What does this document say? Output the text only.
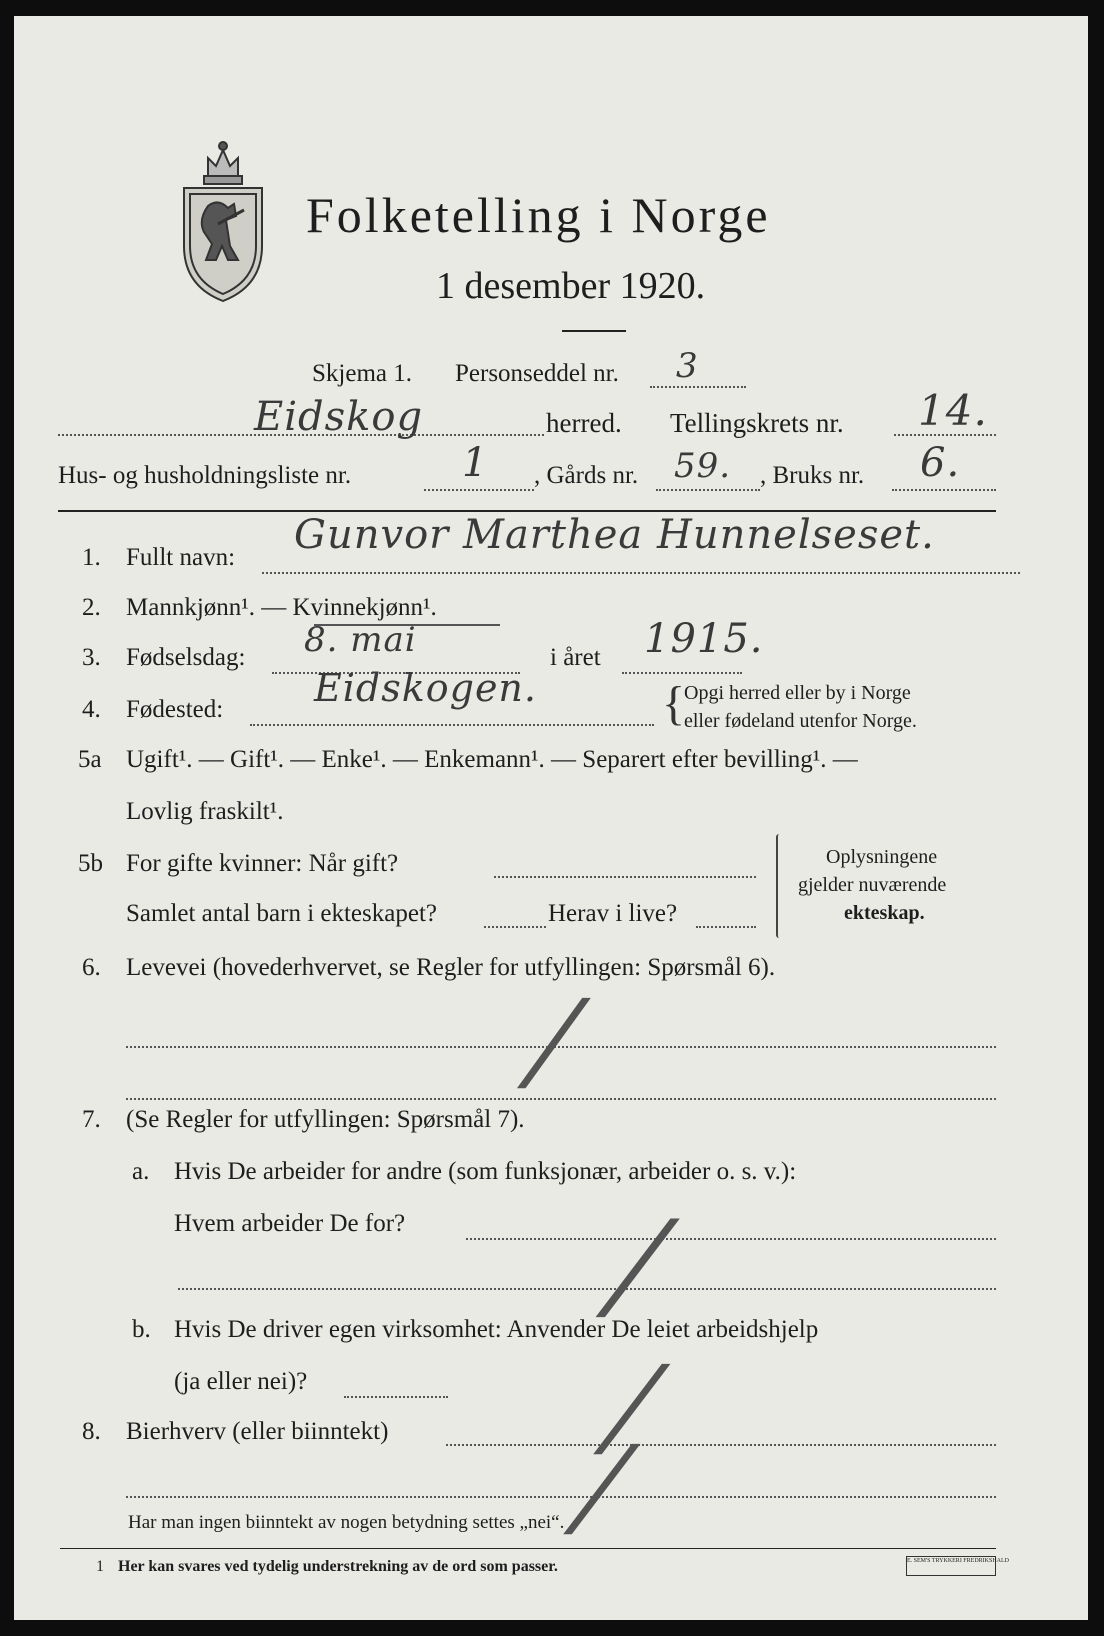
Folketelling i Norge
1 desember 1920.
Skjema 1. Personseddel nr. 3
Eidskog	herred. Tellingskrets nr. 14.
Hus- og husholdningsliste nr.	1 , Gårds nr. 59. , Bruks nr. 6.
1. Fullt navn: Gunvor Marthea Hunnelseset.
2. Mannkjønn¹. — Kvinnekjønn¹.
3. Fødselsdag: 8. mai	i året 1915.
4. Fødested: Eidskogen.	{
Opgi herred eller by i Norge
eller fødeland utenfor Norge.
5a Ugift¹. — Gift¹. — Enke¹. — Enkemann¹. — Separert efter bevilling¹. —
Lovlig fraskilt¹.
5b For gifte kvinner: Når gift?
Samlet antal barn i ekteskapet?	Herav i live?
Oplysningene
gjelder nuværende
ekteskap.
6. Levevei (hovederhvervet, se Regler for utfyllingen: Spørsmål 6).
/
7. (Se Regler for utfyllingen: Spørsmål 7).
a. Hvis De arbeider for andre (som funksjonær, arbeider o. s. v.):
Hvem arbeider De for? /
b. Hvis De driver egen virksomhet: Anvender De leiet arbeidshjelp
(ja eller nei)?	/
8. Bierhverv (eller biinntekt) /
Har man ingen biinntekt av nogen betydning settes „nei“.
1 Her kan svares ved tydelig understrekning av de ord som passer.	E. SEM'S TRYKKERI FREDRIKSHALD
